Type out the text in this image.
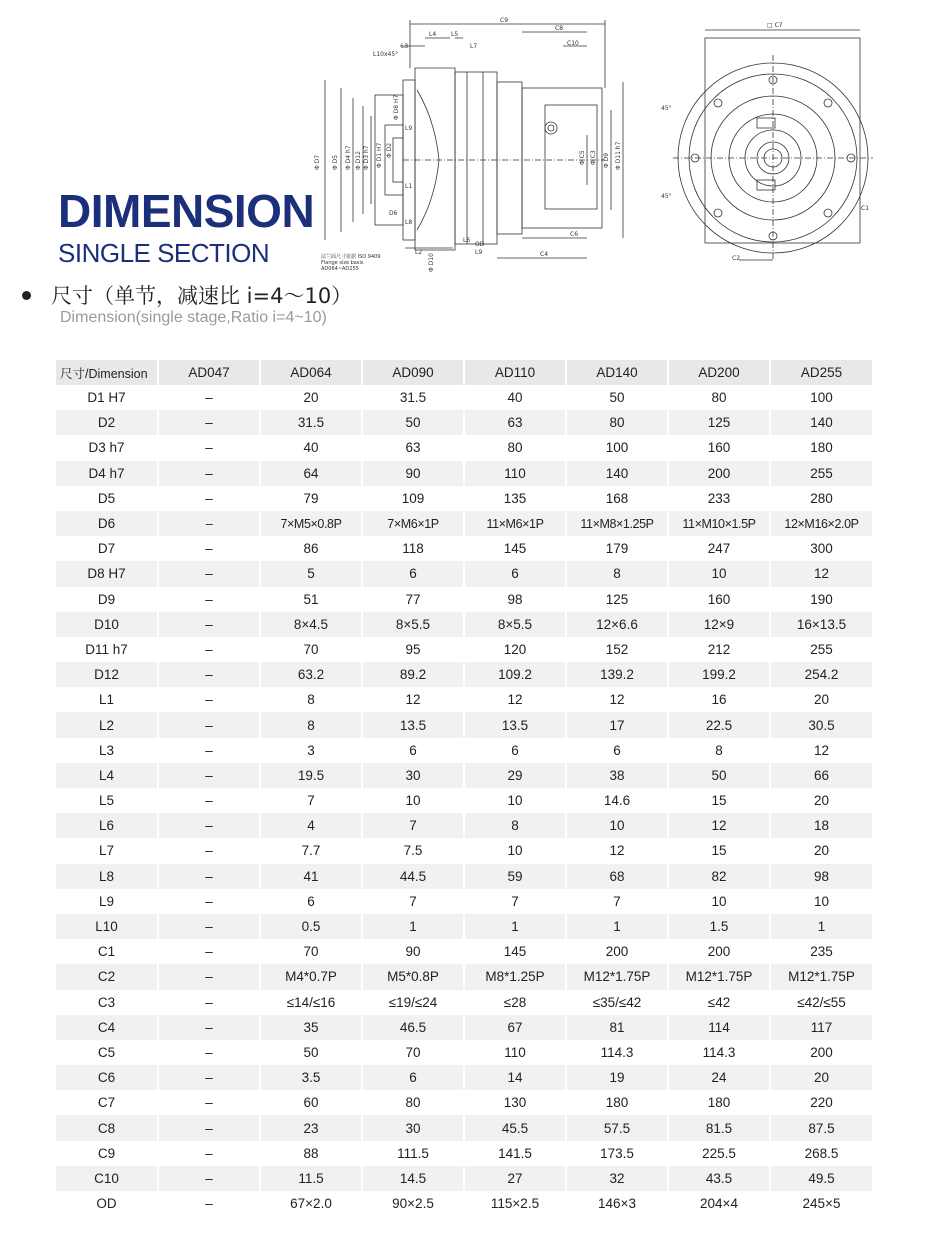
C9
C8
C10
L4 L5
L7
L3
L10x45°
Φ D7 Φ D5 Φ D4 h7 Φ D12 Φ D3 h7 Φ D1 H7 Φ D2
Φ D8 H7
Φ D11 h7
Φ D9
Φ C5 Φ C3
D6
Φ D10
L2
L6
L8
L9
L1
C4
C6
OD
L9
□ C7
C2
C1
45°
45°
法兰面尺寸依据 ISO 9409
Flange size basis
AD064~AD255
DIMENSION
SINGLE SECTION
尺寸（单节，减速比 i=4～10）
Dimension(single stage,Ratio i=4~10)
尺寸/Dimension	AD047	AD064	AD090	AD110	AD140	AD200	AD255
D1 H7	–	20	31.5	40	50	80	100
D2	–	31.5	50	63	80	125	140
D3 h7	–	40	63	80	100	160	180
D4 h7	–	64	90	110	140	200	255
D5	–	79	109	135	168	233	280
D6	–	7×M5×0.8P	7×M6×1P	11×M6×1P	11×M8×1.25P	11×M10×1.5P	12×M16×2.0P
D7	–	86	118	145	179	247	300
D8 H7	–	5	6	6	8	10	12
D9	–	51	77	98	125	160	190
D10	–	8×4.5	8×5.5	8×5.5	12×6.6	12×9	16×13.5
D11 h7	–	70	95	120	152	212	255
D12	–	63.2	89.2	109.2	139.2	199.2	254.2
L1	–	8	12	12	12	16	20
L2	–	8	13.5	13.5	17	22.5	30.5
L3	–	3	6	6	6	8	12
L4	–	19.5	30	29	38	50	66
L5	–	7	10	10	14.6	15	20
L6	–	4	7	8	10	12	18
L7	–	7.7	7.5	10	12	15	20
L8	–	41	44.5	59	68	82	98
L9	–	6	7	7	7	10	10
L10	–	0.5	1	1	1	1.5	1
C1	–	70	90	145	200	200	235
C2	–	M4*0.7P	M5*0.8P	M8*1.25P	M12*1.75P	M12*1.75P	M12*1.75P
C3	–	≤14/≤16	≤19/≤24	≤28	≤35/≤42	≤42	≤42/≤55
C4	–	35	46.5	67	81	114	117
C5	–	50	70	110	114.3	114.3	200
C6	–	3.5	6	14	19	24	20
C7	–	60	80	130	180	180	220
C8	–	23	30	45.5	57.5	81.5	87.5
C9	–	88	111.5	141.5	173.5	225.5	268.5
C10	–	11.5	14.5	27	32	43.5	49.5
OD	–	67×2.0	90×2.5	115×2.5	146×3	204×4	245×5
